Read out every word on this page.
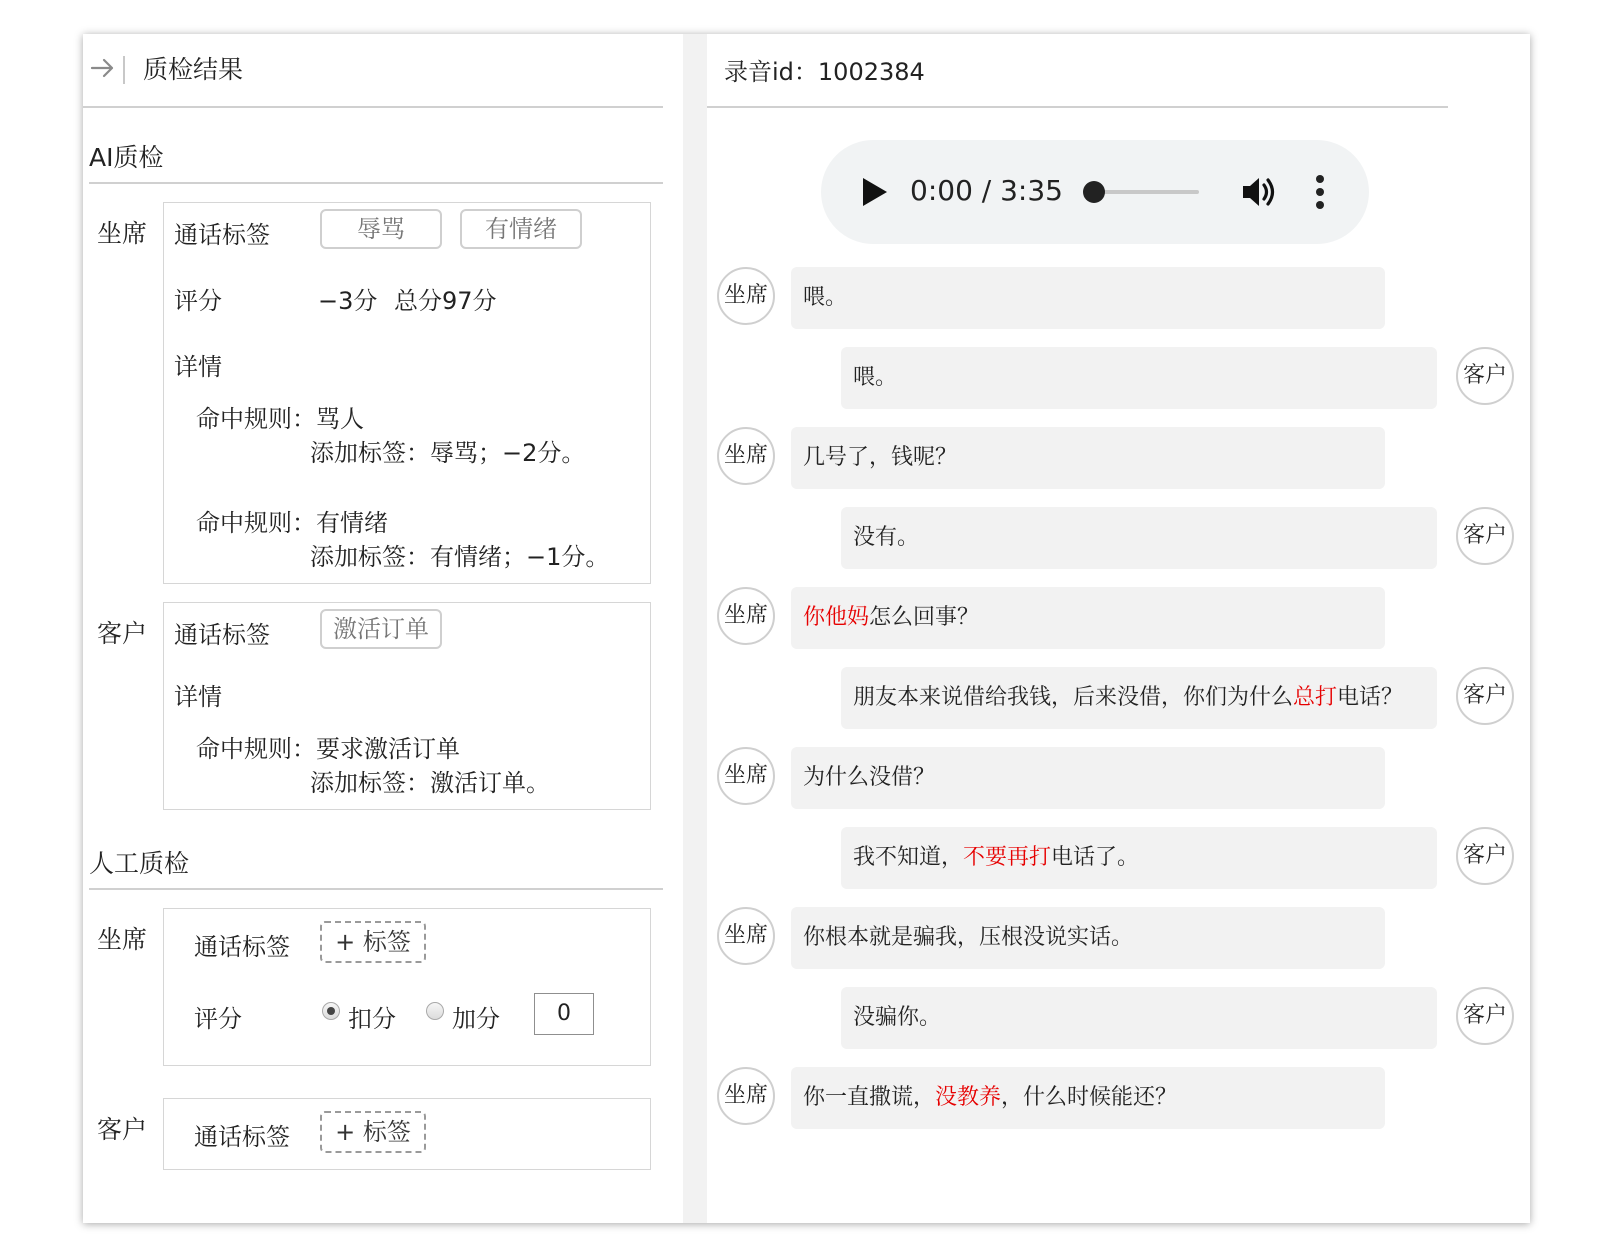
质检结果
AI质检
坐席 通话标签	辱骂	有情绪
评分	−3分 总分97分
详情
命中规则：骂人
添加标签：辱骂；−2分。
命中规则：有情绪
添加标签：有情绪；−1分。
客户 通话标签	激活订单
详情
命中规则：要求激活订单
添加标签：激活订单。
人工质检
坐席 通话标签	+ 标签
评分	扣分 加分	0
客户 通话标签	+ 标签
录音id：1002384
0:00 / 3:35
坐席	喂。
客户
喂。
坐席	几号了，钱呢？
客户
没有。
坐席	你他妈怎么回事？
客户
朋友本来说借给我钱，后来没借，你们为什么总打电话？
坐席	为什么没借？
客户
我不知道，不要再打电话了。
坐席	你根本就是骗我，压根没说实话。
客户
没骗你。
坐席	你一直撒谎，没教养，什么时候能还？
